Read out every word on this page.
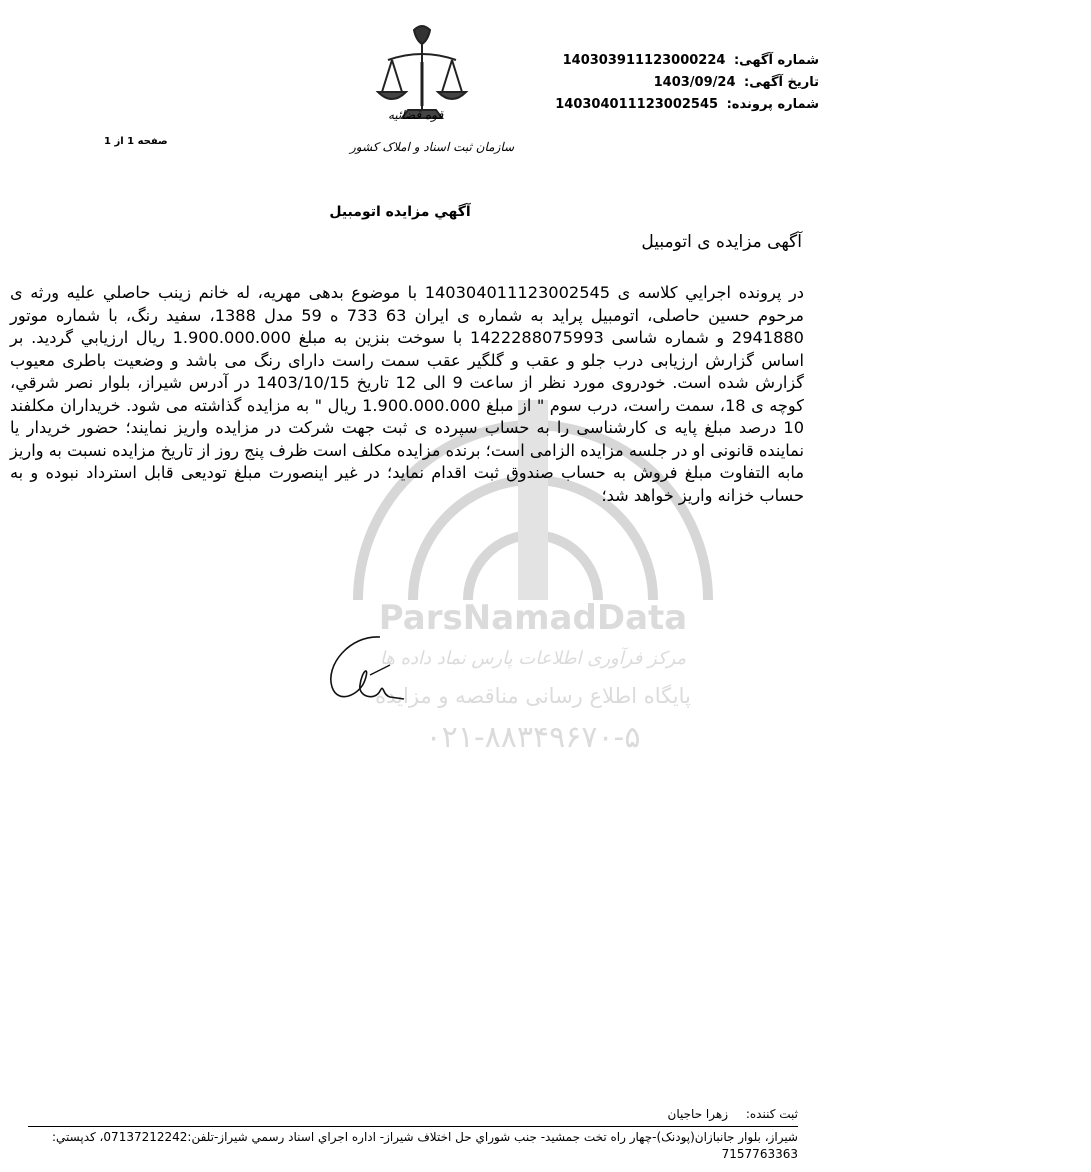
شماره آگهی: 140303911123000224
تاریخ آگهی: 1403/09/24
شماره پرونده: 140304011123002545
صفحه 1 از 1
قوه قضائیه
سازمان ثبت اسناد و املاک کشور
آگهي مزايده اتومبيل
آگهی مزایده ی اتومبیل
ParsNamadData
مرکز فرآوری اطلاعات پارس نماد داده ها
پایگاه اطلاع رسانی مناقصه و مزایده
۰۲۱-۸۸۳۴۹۶۷۰-۵
در پرونده اجرايي كلاسه ی 140304011123002545 با موضوع بدهی مهریه، له خانم زینب حاصلي علیه ورثه ی مرحوم حسین حاصلی، اتومبیل پراید به شماره ی ایران 63 733 ه 59 مدل 1388، سفید رنگ، با شماره موتور 2941880 و شماره شاسی 1422288075993 با سوخت بنزین به مبلغ 1.900.000.000 ریال ارزیابي گردید. بر اساس گزارش ارزیابی درب جلو و عقب و گلگیر عقب سمت راست دارای رنگ می باشد و وضعیت باطری معیوب گزارش شده است. خودروی مورد نظر از ساعت 9 الی 12 تاریخ 1403/10/15 در آدرس شیراز، بلوار نصر شرقي، کوچه ی 18، سمت راست، درب سوم " از مبلغ 1.900.000.000 ریال " به مزایده گذاشته می شود. خریداران مکلفند 10 درصد مبلغ پایه ی کارشناسی را به حساب سپرده ی ثبت جهت شرکت در مزایده واریز نمایند؛ حضور خریدار یا نماینده قانونی او در جلسه مزایده الزامی است؛ برنده مزایده مکلف است ظرف پنج روز از تاریخ مزایده نسبت به واریز مابه التفاوت مبلغ فروش به حساب صندوق ثبت اقدام نماید؛ در غیر اینصورت مبلغ تودیعی قابل استرداد نبوده و به حساب خزانه واریز خواهد شد؛
ثبت كننده: زهرا حاجیان
شیراز، بلوار جانبازان(پودنک)-چهار راه تخت جمشید- جنب شوراي حل اختلاف شیراز- اداره اجراي اسناد رسمي شیراز-تلفن:07137212242، كدپستي: 7157763363
